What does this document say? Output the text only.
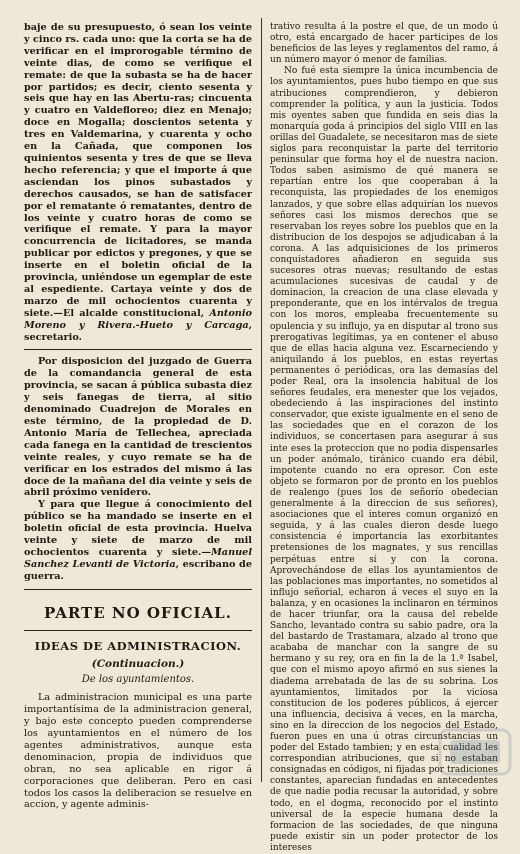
baje de su presupuesto, ó sean los veinte y cinco rs. cada uno: que la corta se ha de verificar en el improrogable término de veinte dias, de como se verifique el remate: de que la subasta se ha de hacer por partidos; es decir, ciento sesenta y seis que hay en las Abertu-ras; cincuenta y cuatro en Valdefloreo; diez en Menajo; doce en Mogalla; doscientos setenta y tres en Valdemarina, y cuarenta y ocho en la Cañada, que componen los quinientos sesenta y tres de que se lleva hecho referencia; y que el importe á que asciendan los pinos subastados y derechos causados, se han de satisfacer por el rematante ó rematantes, dentro de los veinte y cuatro horas de como se verifique el remate. Y para la mayor concurrencia de licitadores, se manda publicar por edictos y pregones, y que se inserte en el boletin oficial de la provincia, uniéndose un egemplar de este al espediente. Cartaya veinte y dos de marzo de mil ochocientos cuarenta y siete.—El alcalde constitucional, Antonio Moreno y Rivera.-Hueto y Carcaga, secretario.

Por disposicion del juzgado de Guerra de la comandancia general de esta provincia, se sacan á pública subasta diez y seis fanegas de tierra, al sitio denominado Cuadrejon de Morales en este término, de la propiedad de D. Antonio María de Tellechea, apreciada cada fanega en la cantidad de trescientos veinte reales, y cuyo remate se ha de verificar en los estrados del mismo á las doce de la mañana del dia veinte y seis de abril próximo venidero.

Y para que llegue á conocimiento del público se ha mandado se inserte en el boletin oficial de esta provincia. Huelva veinte y siete de marzo de mil ochocientos cuarenta y siete.—Manuel Sanchez Levanti de Victoria, escribano de guerra.

PARTE NO OFICIAL.
IDEAS DE ADMINISTRACION.
(Continuacion.)
De los ayuntamientos.

La administracion municipal es una parte importantísima de la administracion general, y bajo este concepto pueden comprenderse los ayuntamientos en el número de los agentes administrativos, aunque esta denominacion, propia de individuos que obran, no sea aplicable en rigor á corporaciones que deliberan. Pero en casi todos los casos la deliberacion se resuelve en accion, y agente adminis-

trativo resulta á la postre el que, de un modo ú otro, está encargado de hacer participes de los beneficios de las leyes y reglamentos del ramo, á un número mayor ó menor de familias.

No fué esta siempre la única incumbencia de los ayuntamientos, pues hubo tiempo en que sus atribuciones comprendieron, y debieron comprender la política, y aun la justicia. Todos mis oyentes saben que fundida en seis dias la monarquía goda á principios del siglo VIII en las orillas del Guadalete, se necesitaron mas de siete siglos para reconquistar la parte del territorio peninsular que forma hoy el de nuestra nacion. Todos saben asimismo de qué manera se repartían entre los que cooperaban á la reconquista, las propiedades de los enemigos lanzados, y que sobre ellas adquirían los nuevos señores casi los mismos derechos que se reservaban los reyes sobre los pueblos que en la distribucion de los despojos se adjudicaban á la corona. A las adquisiciones de los primeros conquistadores añadieron en seguida sus sucesores otras nuevas; resultando de estas acumulaciones sucesivas de caudal y de dominacion, la creacion de una clase elevada y preponderante, que en los intérvalos de tregua con los moros, empleaba frecuentemente su opulencia y su influjo, ya en disputar al trono sus prerogativas legítimas, ya en contener el abuso que de ellas hacia alguna vez. Escarneciendo y aniquilando á los pueblos, en estas reyertas permanentes ó periódicas, ora las demasías del poder Real, ora la insolencia habitual de los señores feudales, era menester que los vejados, obedeciendo á las inspiraciones del instinto conservador, que existe igualmente en el seno de las sociedades que en el corazon de los individuos, se concertasen para asegurar á sus inte eses la proteccion que no podia dispensarles un poder anómalo, tiránico cuando era débil, impotente cuando no era opresor. Con este objeto se formaron por de pronto en los pueblos de realengo (pues los de señorío obedecian generalmente á la direccion de sus señores), asociaciones que el interes comun organizó en seguida, y á las cuales dieron desde luego consistencia é importancia las exorbitantes pretensiones de los magnates, y sus rencillas perpétuas entre sí y con la corona. Aprovechándose de ellas los ayuntamientos de las poblaciones mas importantes, no sometidos al influjo señorial, echaron á veces el suyo en la balanza, y en ocasiones la inclinaron en términos de hacer triunfar, ora la causa del rebelde Sancho, levantado contra su sabio padre, ora la del bastardo de Trastamara, alzado al trono que acababa de manchar con la sangre de su hermano y su rey, ora en fin la de la 1.ª Isabel, que con el mismo apoyo afirmó en sus sienes la diadema arrebatada de las de su sobrina. Los ayuntamientos, limitados por la viciosa constitucion de los poderes públicos, á ejercer una influencia, decisiva á veces, en la marcha, sino en la direccion de los negocios del Estado, fueron pues en una ú otras circunstancias un poder del Estado tambien; y en esta cualidad les correspondian atribuciones, que si no estaban consignadas en códigos, ni fijadas por tradiciones constantes, aparecian fundadas en antecedentes de que nadie podia recusar la autoridad, y sobre todo, en el dogma, reconocido por el instinto universal de la especie humana desde la formacion de las sociedades, de que ninguna puede existir sin un poder protector de los intereses
